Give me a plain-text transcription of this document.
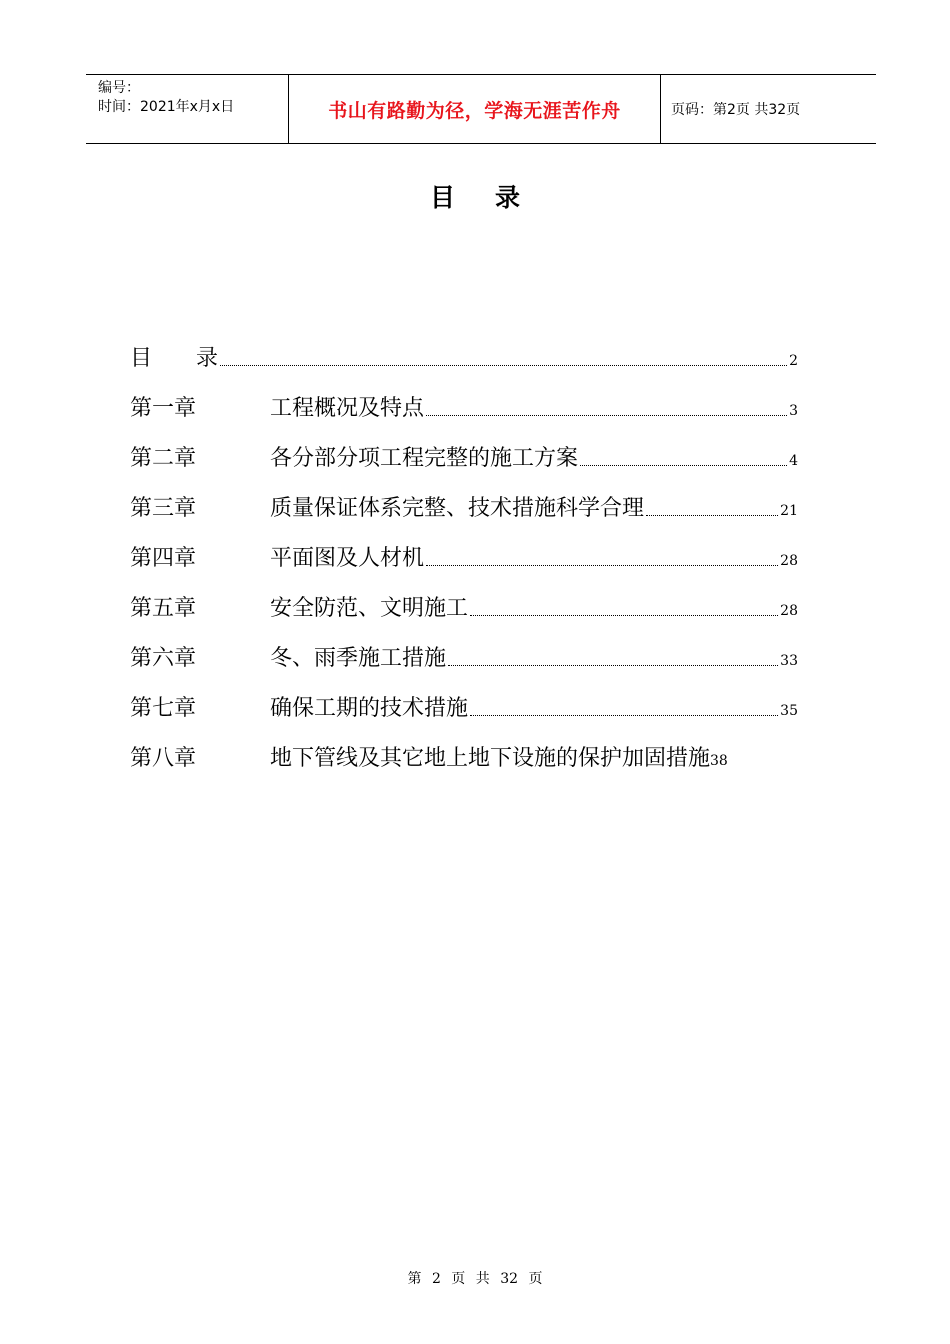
编号：
时间：2021年x月x日	书山有路勤为径，学海无涯苦作舟	页码：第2页 共32页
目录
目录	2
第一章	工程概况及特点	3
第二章	各分部分项工程完整的施工方案	4
第三章	质量保证体系完整、技术措施科学合理	21
第四章	平面图及人材机	28
第五章	安全防范、文明施工	28
第六章	冬、雨季施工措施	33
第七章	确保工期的技术措施	35
第八章	地下管线及其它地上地下设施的保护加固措施 38
第 2 页 共 32 页
